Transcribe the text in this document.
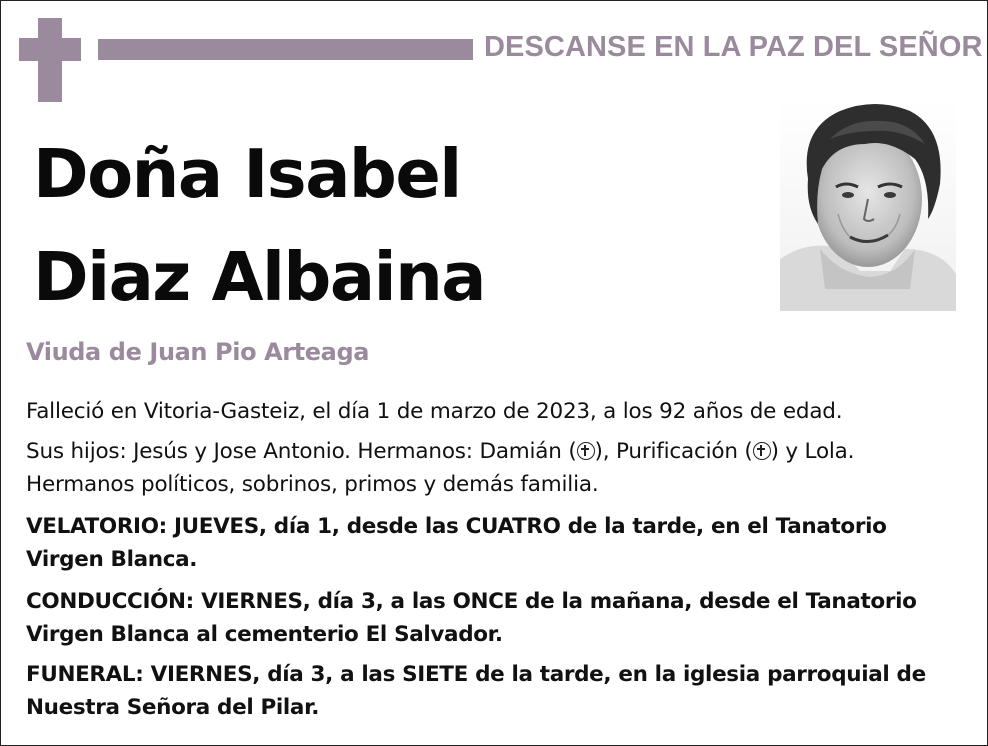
DESCANSE EN LA PAZ DEL SEÑOR
Doña Isabel
Diaz Albaina
Viuda de Juan Pio Arteaga
Falleció en Vitoria-Gasteiz, el día 1 de marzo de 2023, a los 92 años de edad.
Sus hijos: Jesús y Jose Antonio. Hermanos: Damián ( ), Purificación ( ) y Lola. Hermanos políticos, sobrinos, primos y demás familia.
VELATORIO: JUEVES, día 1, desde las CUATRO de la tarde, en el Tanatorio Virgen Blanca.
CONDUCCIÓN: VIERNES, día 3, a las ONCE de la mañana, desde el Tanatorio Virgen Blanca al cementerio El Salvador.
FUNERAL: VIERNES, día 3, a las SIETE de la tarde, en la iglesia parroquial de Nuestra Señora del Pilar.
